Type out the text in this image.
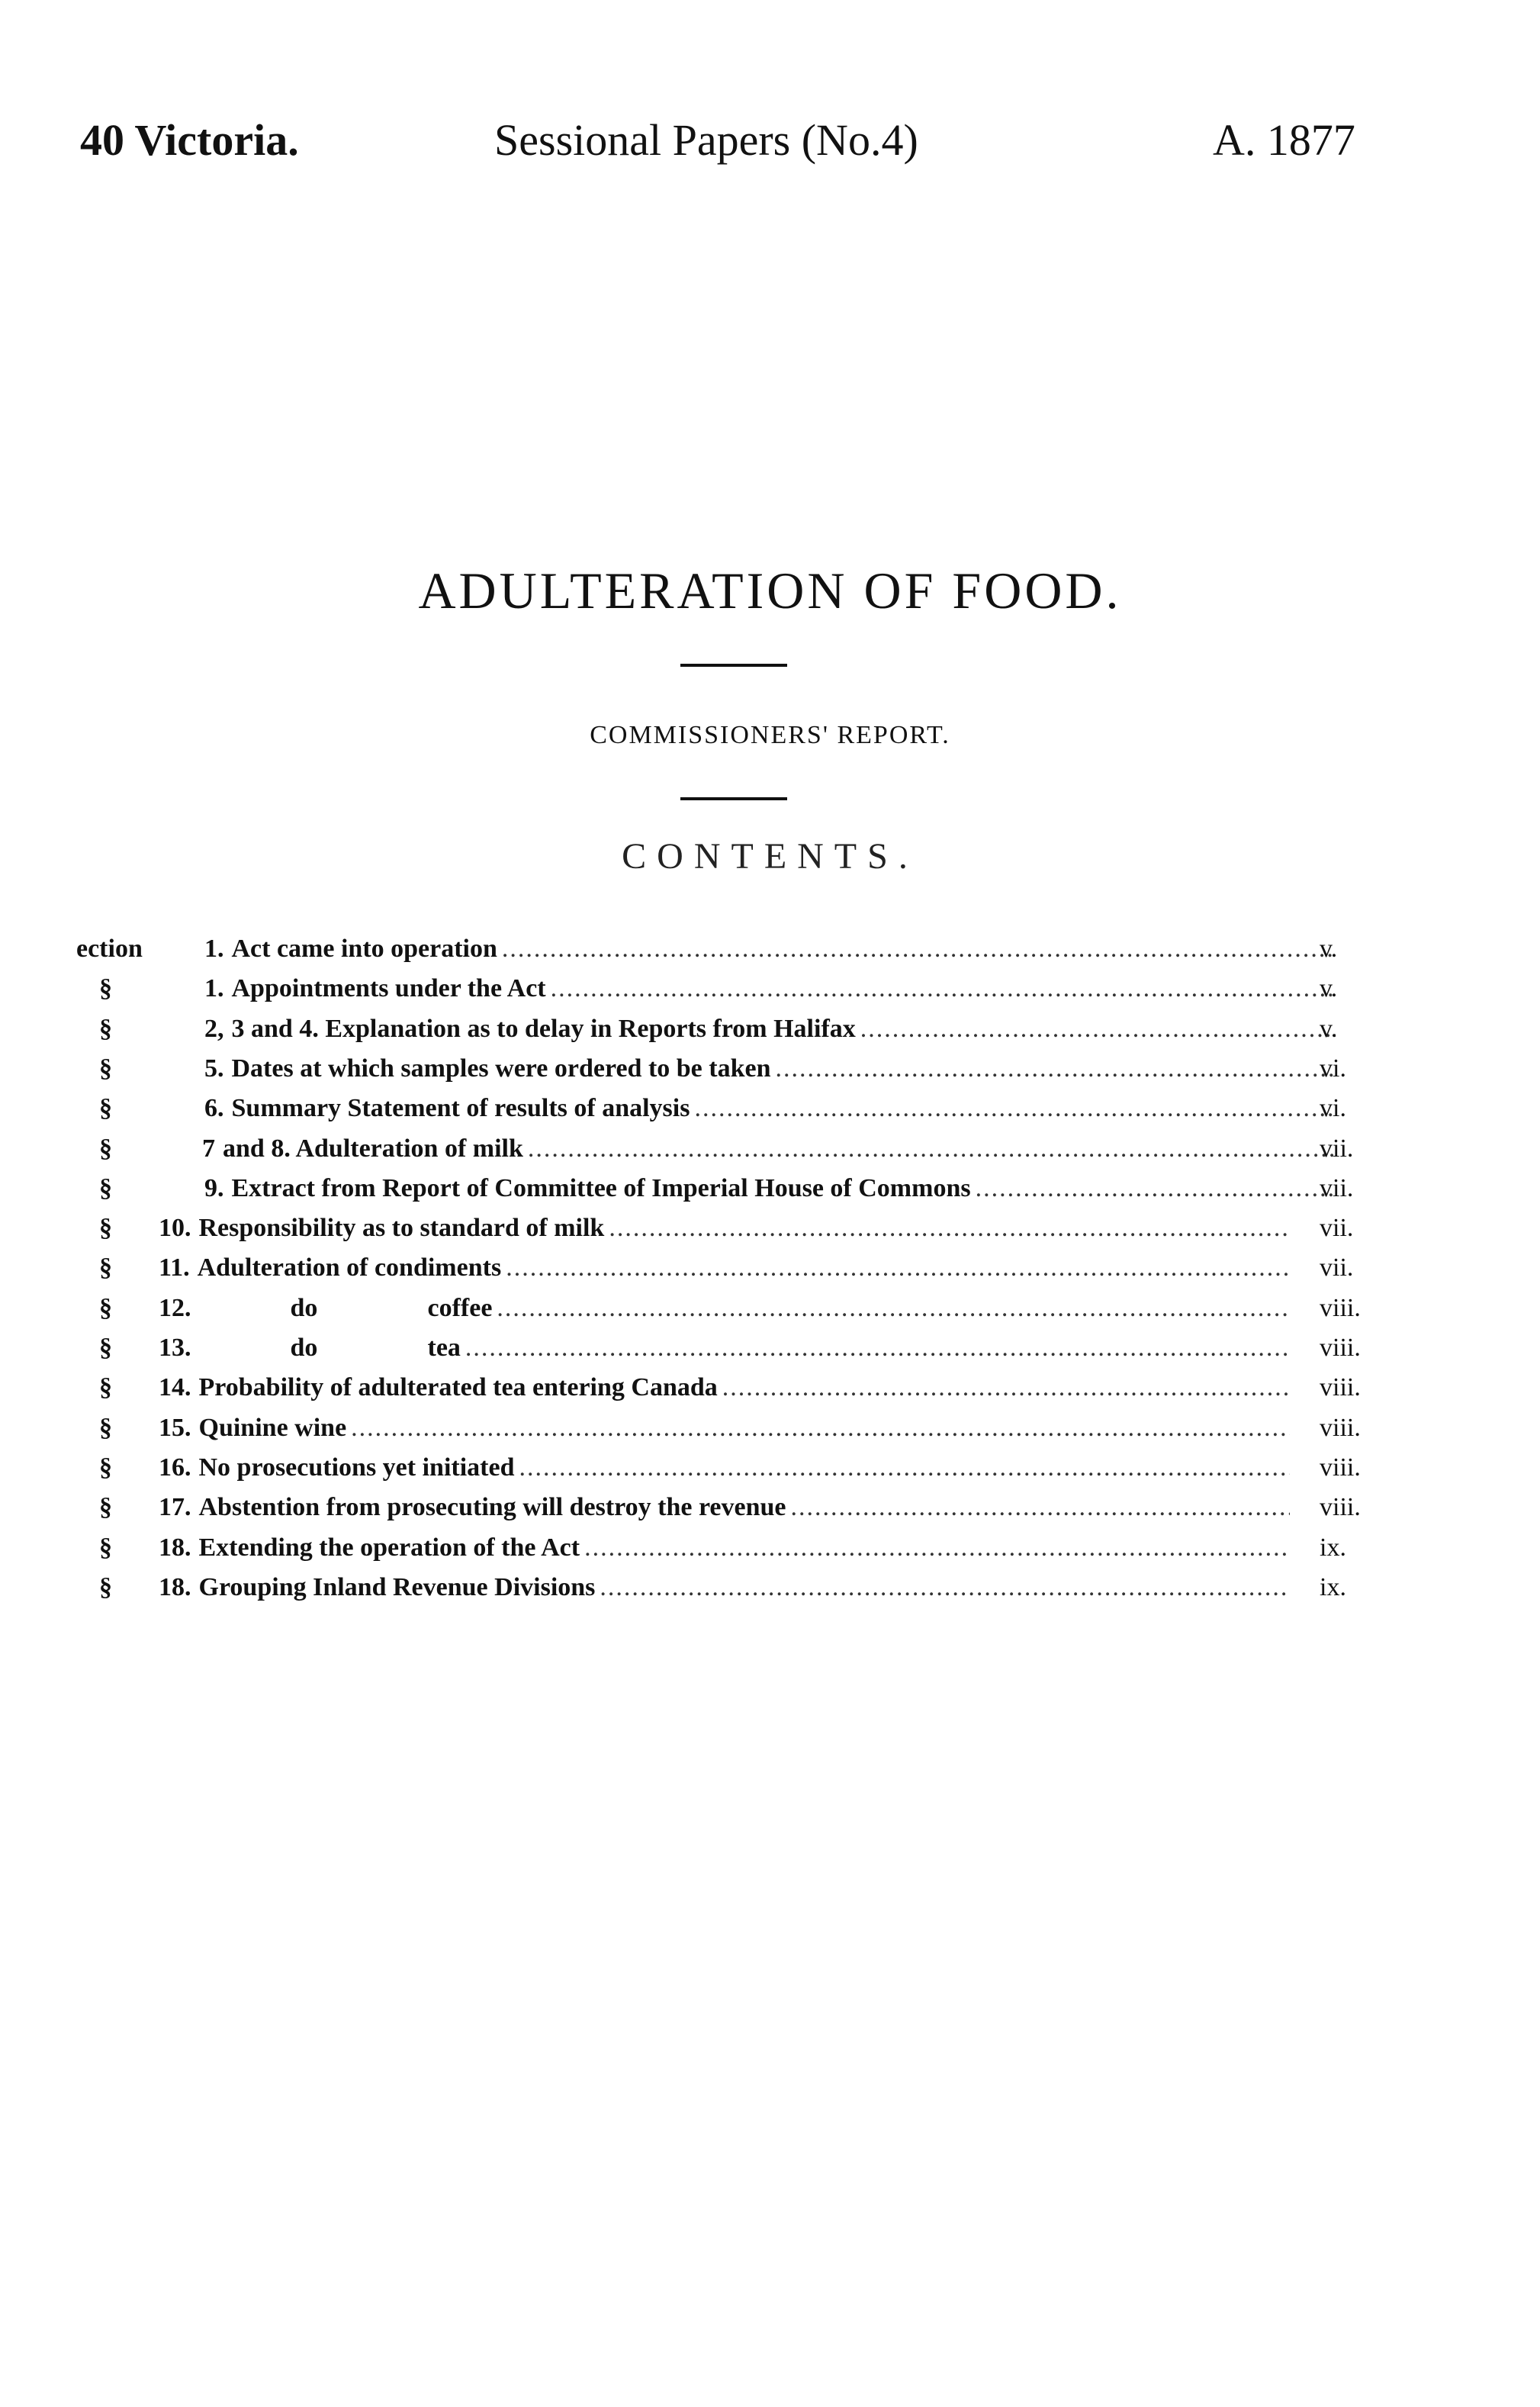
40 Victoria.	Sessional Papers (No.4)	A. 1877
ADULTERATION OF FOOD.
COMMISSIONERS' REPORT.
CONTENTS.
ection	1. Act came into operation .....	v.
§	1. Appointments under the Act .....	v.
§	2, 3 and 4. Explanation as to delay in Reports from Halifax .....	v.
§	5. Dates at which samples were ordered to be taken .....	vi.
§	6. Summary Statement of results of analysis .....	vi.
§	7 and 8. Adulteration of milk .....	vii.
§	9. Extract from Report of Committee of Imperial House of Commons .....	vii.
§	10. Responsibility as to standard of milk .....	vii.
§	11. Adulteration of condiments .....	vii.
§	12.	do	coffee .....	viii.
§	13.	do	tea .....	viii.
§	14. Probability of adulterated tea entering Canada .....	viii.
§	15. Quinine wine .....	viii.
§	16. No prosecutions yet initiated .....	viii.
§	17. Abstention from prosecuting will destroy the revenue .....	viii.
§	18. Extending the operation of the Act .....	ix.
§	18. Grouping Inland Revenue Divisions .....	ix.
